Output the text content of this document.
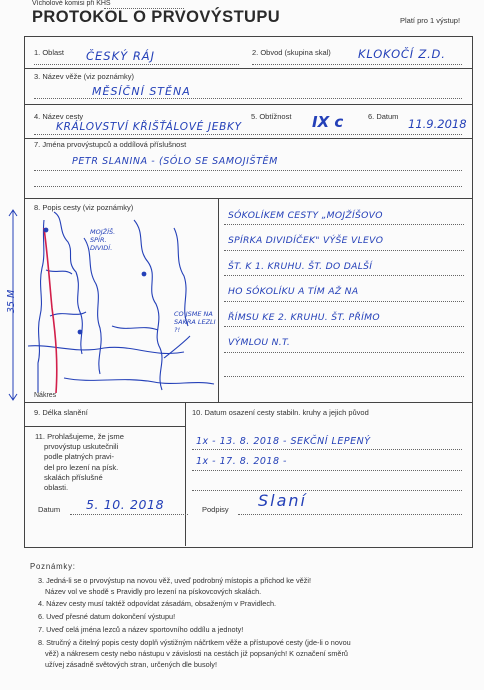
Vícholové komisi při KHS
PROTOKOL O PRVOVÝSTUPU	Platí pro 1 výstup!
1. Oblast ČESKÝ RÁJ	2. Obvod (skupina skal) KLOKOČÍ Z.D.
3. Název věže (viz poznámky)
MĚSÍČNÍ STĚNA
4. Název cesty
KRÁLOVSTVÍ KŘIŠŤÁLOVÉ JEBKY
5. Obtížnost IX c	6. Datum
11.9.2018
7. Jména prvovýstupců a oddílová příslušnost
PETR SLANINA - (SÓLO SE SAMOJIŠTĚM
8. Popis cesty (viz poznámky)
MOJŽÍŠ. SPÍR. DIVIDÍ.
CO JSME NA SAKRA LEZLI ?!
35 M
Nákres
SÓKOLÍKEM CESTY „MOJŽÍŠOVO
SPÍRKA DIVIDÍČEK" VÝŠE VLEVO
ŠT. K 1. KRUHU. ŠT. DO DALŠÍ
HO SÓKOLÍKU A TÍM AŽ NA
ŘÍMSU KE 2. KRUHU. ŠT. PŘÍMO
VÝMLOU N.T.
9. Délka slanění	10. Datum osazení cesty stabiln. kruhy a jejich původ
1x - 13. 8. 2018 - SEKČNÍ LEPENÝ
1x - 17. 8. 2018 -
11. Prohlašujeme, že jsme
prvovýstup uskutečnili
podle platných pravi-
del pro lezení na písk.
skalách příslušné
oblasti.
Datum 5. 10. 2018	Podpisy Slaní
Poznámky:
3. Jedná-li se o prvovýstup na novou věž, uveď podrobný místopis a přichod ke věži!
Název vol ve shodě s Pravidly pro lezení na pískovcových skalách.
4. Název cesty musí taktéž odpovídat zásadám, obsaženým v Pravidlech.
6. Uveď přesné datum dokončení výstupu!
7. Uveď celá jména lezců a název sportovního oddílu a jednoty!
8. Stručný a čitelný popis cesty doplň výstižným náčrtkem věže a přístupové cesty (jde-li o novou
věž) a nákresem cesty nebo nástupu v závislosti na cestách již popsaných! K označení směrů
užívej zásadně světových stran, určených dle busoly!
